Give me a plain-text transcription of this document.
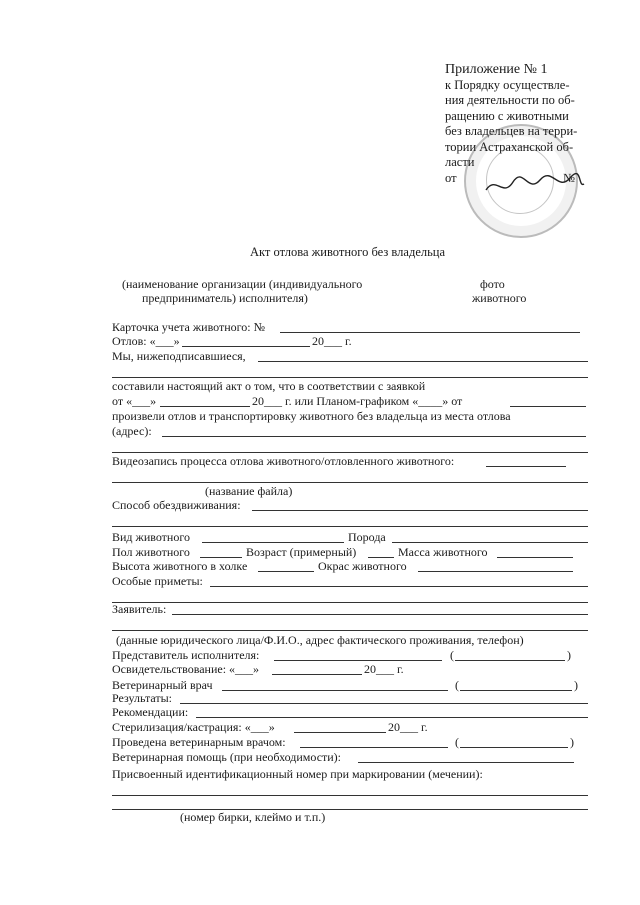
Приложение № 1
к Порядку осуществле-
ния деятельности по об-
ращению с животными
без владельцев на терри-
тории Астраханской об-
ласти
от	№
Акт отлова животного без владельца
(наименование организации (индивидуального
предприниматель) исполнителя)
фото
животного
Карточка учета животного: №
Отлов: «___»	20___ г.
Мы, нижеподписавшиеся,
составили настоящий акт о том, что в соответствии с заявкой
от «___»	20___ г. или Планом-графиком «____» от
произвели отлов и транспортировку животного без владельца из места отлова
(адрес):
Видеозапись процесса отлова животного/отловленного животного:
(название файла)
Способ обездвиживания:
Вид животного	Порода
Пол животного	Возраст (примерный)	Масса животного
Высота животного в холке	Окрас животного
Особые приметы:
Заявитель:
(данные юридического лица/Ф.И.О., адрес фактического проживания, телефон)
Представитель исполнителя:	(	)
Освидетельствование: «___»	20___ г.
Ветеринарный врач	(	)
Результаты:
Рекомендации:
Стерилизация/кастрация: «___»	20___ г.
Проведена ветеринарным врачом:	(	)
Ветеринарная помощь (при необходимости):
Присвоенный идентификационный номер при маркировании (мечении):
(номер бирки, клеймо и т.п.)
